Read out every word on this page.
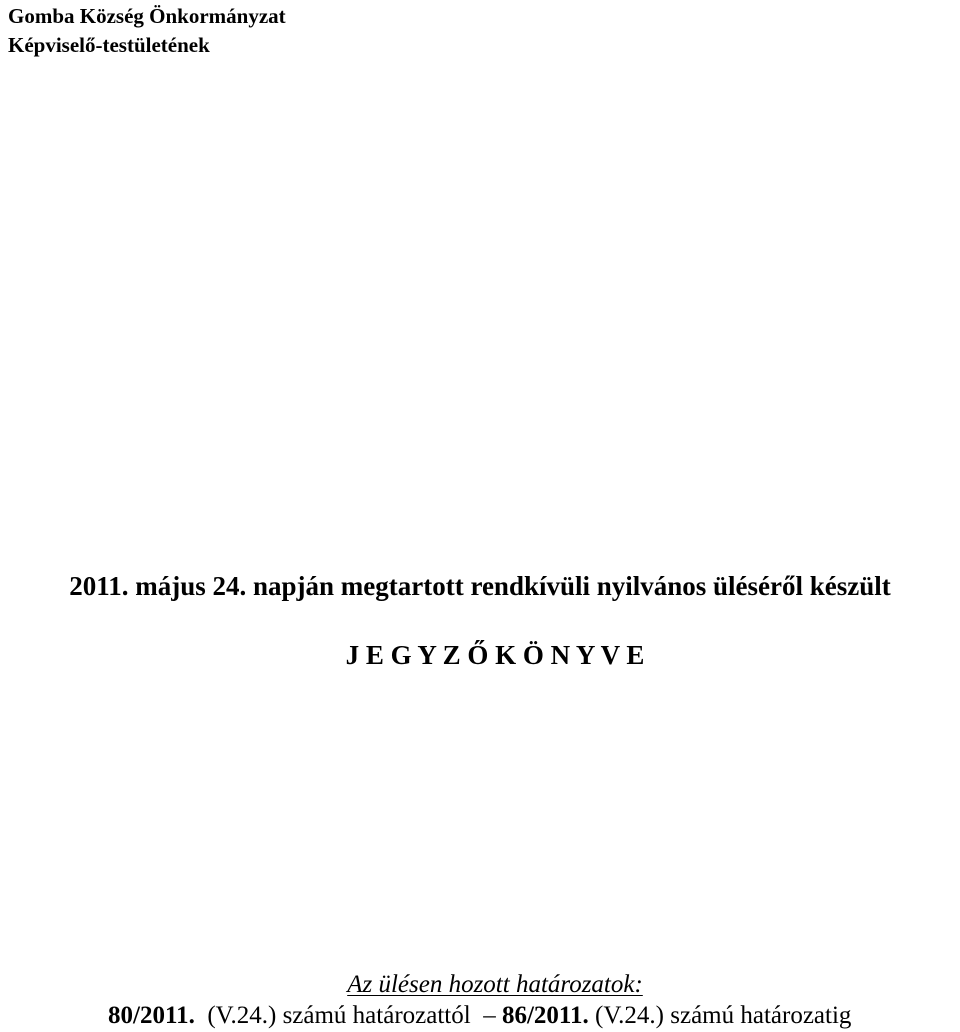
Gomba Község Önkormányzat
Képviselő-testületének
2011. május 24. napján megtartott rendkívüli nyilvános üléséről készült
J E G Y Z Ő K Ö N Y V E
Az ülésen hozott határozatok:
80/2011. (V.24.) számú határozattól – 86/2011. (V.24.) számú határozatig
